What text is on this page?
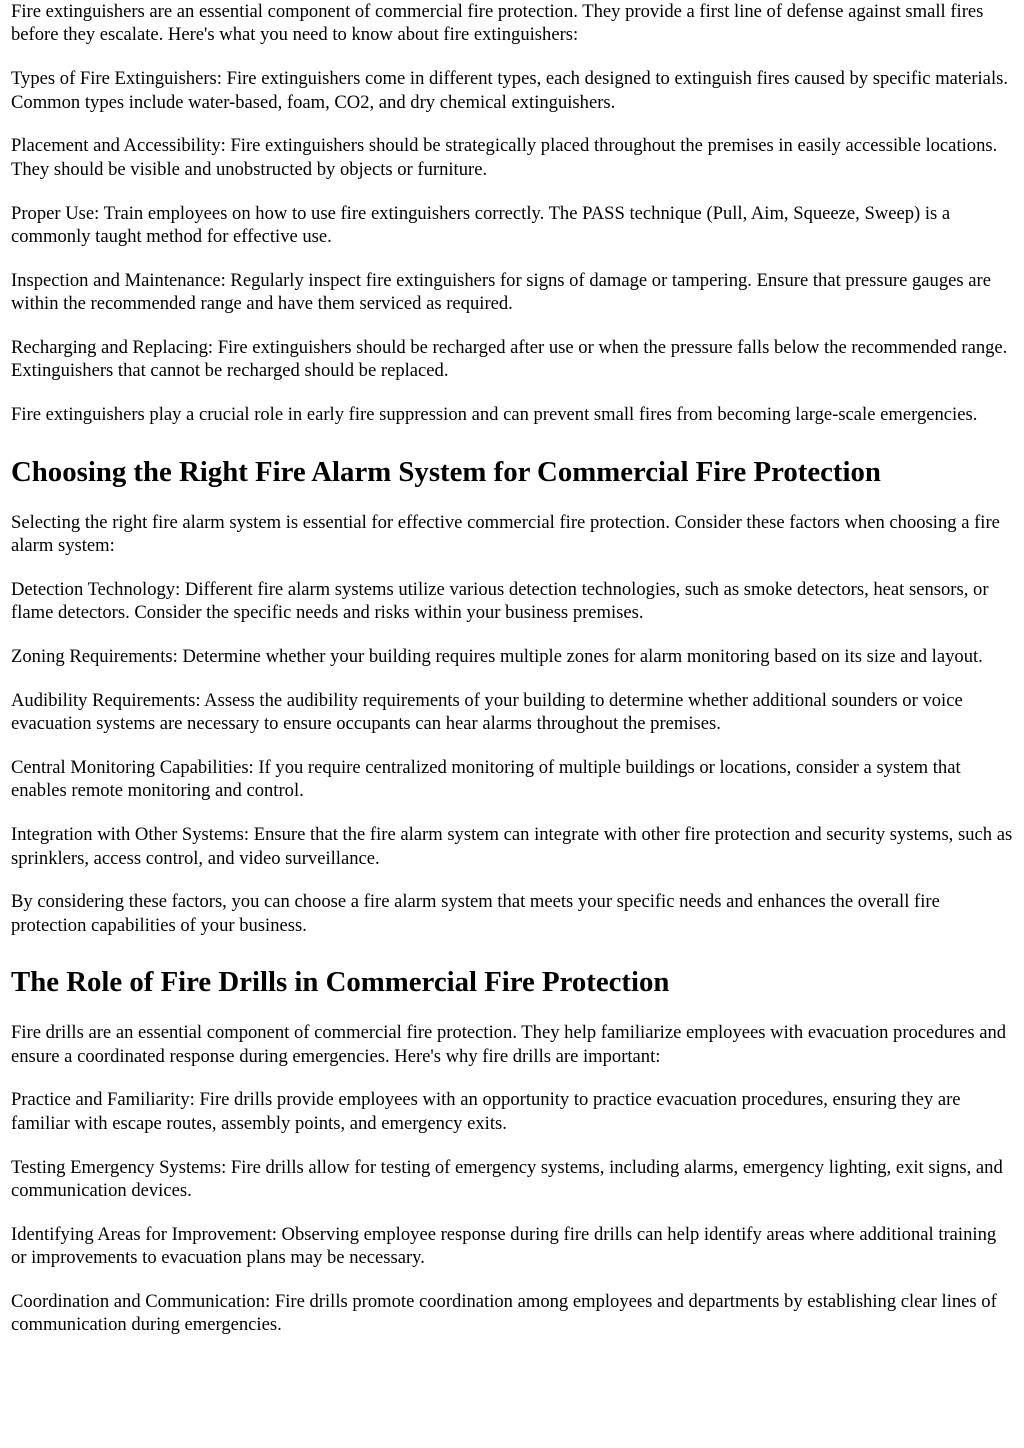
Fire extinguishers are an essential component of commercial fire protection. They provide a first line of defense against small fires before they escalate. Here's what you need to know about fire extinguishers:

Types of Fire Extinguishers: Fire extinguishers come in different types, each designed to extinguish fires caused by specific materials. Common types include water-based, foam, CO2, and dry chemical extinguishers.

Placement and Accessibility: Fire extinguishers should be strategically placed throughout the premises in easily accessible locations. They should be visible and unobstructed by objects or furniture.

Proper Use: Train employees on how to use fire extinguishers correctly. The PASS technique (Pull, Aim, Squeeze, Sweep) is a commonly taught method for effective use.

Inspection and Maintenance: Regularly inspect fire extinguishers for signs of damage or tampering. Ensure that pressure gauges are within the recommended range and have them serviced as required.

Recharging and Replacing: Fire extinguishers should be recharged after use or when the pressure falls below the recommended range. Extinguishers that cannot be recharged should be replaced.

Fire extinguishers play a crucial role in early fire suppression and can prevent small fires from becoming large-scale emergencies.

Choosing the Right Fire Alarm System for Commercial Fire Protection

Selecting the right fire alarm system is essential for effective commercial fire protection. Consider these factors when choosing a fire alarm system:

Detection Technology: Different fire alarm systems utilize various detection technologies, such as smoke detectors, heat sensors, or flame detectors. Consider the specific needs and risks within your business premises.

Zoning Requirements: Determine whether your building requires multiple zones for alarm monitoring based on its size and layout.

Audibility Requirements: Assess the audibility requirements of your building to determine whether additional sounders or voice evacuation systems are necessary to ensure occupants can hear alarms throughout the premises.

Central Monitoring Capabilities: If you require centralized monitoring of multiple buildings or locations, consider a system that enables remote monitoring and control.

Integration with Other Systems: Ensure that the fire alarm system can integrate with other fire protection and security systems, such as sprinklers, access control, and video surveillance.

By considering these factors, you can choose a fire alarm system that meets your specific needs and enhances the overall fire protection capabilities of your business.

The Role of Fire Drills in Commercial Fire Protection

Fire drills are an essential component of commercial fire protection. They help familiarize employees with evacuation procedures and ensure a coordinated response during emergencies. Here's why fire drills are important:

Practice and Familiarity: Fire drills provide employees with an opportunity to practice evacuation procedures, ensuring they are familiar with escape routes, assembly points, and emergency exits.

Testing Emergency Systems: Fire drills allow for testing of emergency systems, including alarms, emergency lighting, exit signs, and communication devices.

Identifying Areas for Improvement: Observing employee response during fire drills can help identify areas where additional training or improvements to evacuation plans may be necessary.

Coordination and Communication: Fire drills promote coordination among employees and departments by establishing clear lines of communication during emergencies.
